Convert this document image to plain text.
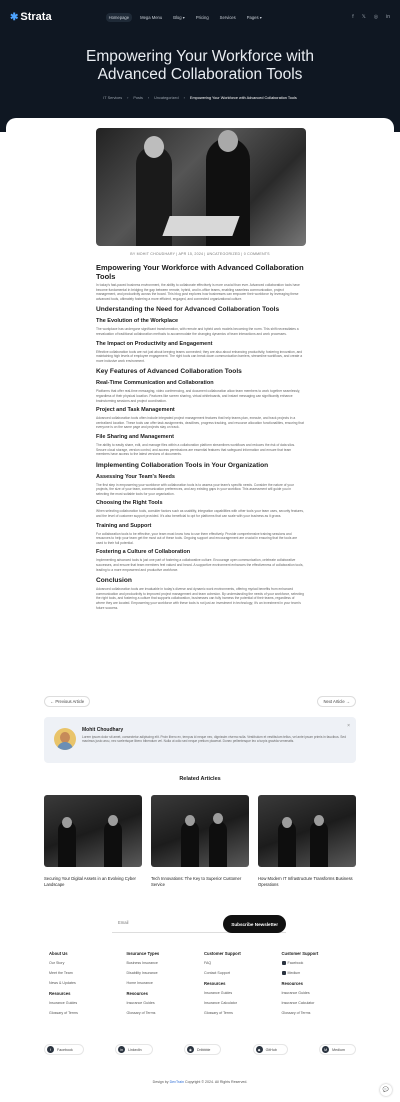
✱ Strata	Homepage	Mega Menu	Blog ▾	Pricing	Services	Pages ▾	f 𝕏 ◎ in
Empowering Your Workforce with Advanced Collaboration Tools
IT Services › Posts › Uncategorized › Empowering Your Workforce with Advanced Collaboration Tools
BY MOHIT CHOUDHARY | APR 15, 2024 | UNCATEGORIZED | 0 COMMENTS
Empowering Your Workforce with Advanced Collaboration Tools

In today's fast-paced business environment, the ability to collaborate effectively is more crucial than ever. Advanced collaboration tools have become fundamental in bridging the gap between remote, hybrid, and in-office teams, enabling seamless communication, project management, and productivity across the board. This blog post explores how businesses can empower their workforce by leveraging these advanced tools, ultimately fostering a more efficient, engaged, and connected organizational culture.

Understanding the Need for Advanced Collaboration Tools
The Evolution of the Workplace

The workplace has undergone significant transformation, with remote and hybrid work models becoming the norm. This shift necessitates a reevaluation of traditional collaboration methods to accommodate the changing dynamics of team interactions and work processes.

The Impact on Productivity and Engagement

Effective collaboration tools are not just about keeping teams connected; they are also about enhancing productivity, fostering innovation, and maintaining high levels of employee engagement. The right tools can break down communication barriers, streamline workflows, and create a more inclusive work environment.

Key Features of Advanced Collaboration Tools
Real-Time Communication and Collaboration

Platforms that offer real-time messaging, video conferencing, and document collaboration allow team members to work together seamlessly, regardless of their physical location. Features like screen sharing, virtual whiteboards, and instant messaging can significantly enhance brainstorming sessions and project coordination.

Project and Task Management

Advanced collaboration tools often include integrated project management features that help teams plan, execute, and track projects in a centralized location. These tools can offer task assignments, deadlines, progress tracking, and resource allocation functionalities, ensuring that everyone is on the same page and projects stay on track.

File Sharing and Management

The ability to easily share, edit, and manage files within a collaboration platform streamlines workflows and reduces the risk of data silos. Secure cloud storage, version control, and access permissions are essential features that safeguard information and ensure that team members have access to the latest versions of documents.

Implementing Collaboration Tools in Your Organization
Assessing Your Team's Needs

The first step in empowering your workforce with collaboration tools is to assess your team's specific needs. Consider the nature of your projects, the size of your team, communication preferences, and any existing gaps in your workflow. This assessment will guide you in selecting the most suitable tools for your organization.

Choosing the Right Tools

When selecting collaboration tools, consider factors such as usability, integration capabilities with other tools your team uses, security features, and the level of customer support provided. It's also beneficial to opt for platforms that can scale with your business as it grows.

Training and Support

For collaboration tools to be effective, your team must know how to use them effectively. Provide comprehensive training sessions and resources to help your team get the most out of these tools. Ongoing support and encouragement are crucial in ensuring that the tools are used to their full potential.

Fostering a Culture of Collaboration

Implementing advanced tools is just one part of fostering a collaborative culture. Encourage open communication, celebrate collaborative successes, and ensure that team members feel valued and heard. A supportive environment enhances the effectiveness of collaboration tools, leading to a more empowered and productive workforce.

Conclusion

Advanced collaboration tools are invaluable in today's diverse and dynamic work environments, offering myriad benefits from enhanced communication and productivity to improved project management and team cohesion. By understanding the needs of your workforce, selecting the right tools, and fostering a culture that supports collaboration, businesses can fully harness the potential of their teams, regardless of where they are located. Empowering your workforce with these tools is not just an investment in technology; it's an investment in your team's future success.

← Previous Article	Next Article →
Mohit Choudhary
Lorem ipsum dolor sit amet, consectetur adipiscing elit. Proin libero ex, tempus id neque nec, dignissim viverra nulla. Vestibulum et vestibulum tellus, vel ante ipsum primis in faucibus. Sed maximus justo arcu, nec scelerisque libero bibendum vel. Nulla ut odio sed neque pretium placerat. Donec pellentesque leo a turpis gravida venenatis.
×
Related Articles
Securing Your Digital Assets in an Evolving Cyber Landscape
Tech Innovations: The Key to Superior Customer Service
How Modern IT Infrastructure Transforms Business Operations
Email	Subscribe Newsletter
About Us
Our Story
Meet the Team
News & Updates
Resources
Insurance Guides
Glossary of Terms
Insurance Types
Business Insurance
Disability Insurance
Home Insurance
Resources
Insurance Guides
Glossary of Terms
Customer Support
FAQ
Contact Support
Resources
Insurance Guides
Insurance Calculator
Glossary of Terms
Customer Support
Facebook
Medium
Resources
Insurance Guides
Insurance Calculator
Glossary of Terms
f	Facebook	in	LinkedIn	◉	Dribbble	◆	GitHub	M	Medium
Design by DevTrain Copyright © 2024. All Rights Reserved.
💬
